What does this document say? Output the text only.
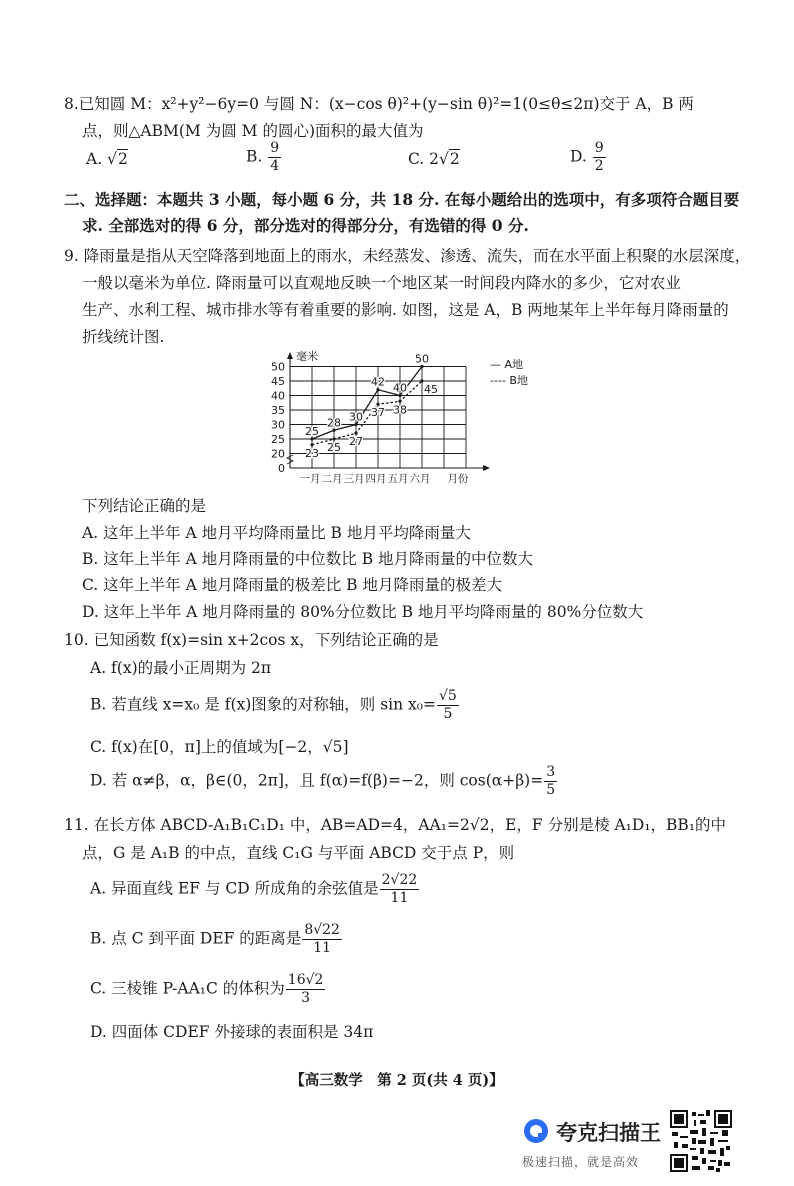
8.已知圆 M：x²+y²−6y=0 与圆 N：(x−cos θ)²+(y−sin θ)²=1(0≤θ≤2π)交于 A，B 两
点，则△ABM(M 为圆 M 的圆心)面积的最大值为
A. √2	B. $\frac{9}{4}$	C. 2√2	D. $\frac{9}{2}$
二、选择题：本题共 3 小题，每小题 6 分，共 18 分. 在每小题给出的选项中，有多项符合题目要
求. 全部选对的得 6 分，部分选对的得部分分，有选错的得 0 分.
9. 降雨量是指从天空降落到地面上的雨水，未经蒸发、渗透、流失，而在水平面上积聚的水层深度，
一般以毫米为单位. 降雨量可以直观地反映一个地区某一时间段内降水的多少，它对农业
生产、水利工程、城市排水等有着重要的影响. 如图，这是 A，B 两地某年上半年每月降雨量的
折线统计图.
0
20
25
30
35
40
45
50
毫米
一月 二月 三月 四月 五月 六月 月份
25
28 30
42 40
50
23 25 27
37 38
45
— A地
---- B地
下列结论正确的是
A. 这年上半年 A 地月平均降雨量比 B 地月平均降雨量大
B. 这年上半年 A 地月降雨量的中位数比 B 地月降雨量的中位数大
C. 这年上半年 A 地月降雨量的极差比 B 地月降雨量的极差大
D. 这年上半年 A 地月降雨量的 80%分位数比 B 地月平均降雨量的 80%分位数大
10. 已知函数 f(x)=sin x+2cos x，下列结论正确的是
A. f(x)的最小正周期为 2π
B. 若直线 x=x₀ 是 f(x)图象的对称轴，则 $\sin x_0= \frac{√5}{5}$
C. f(x)在[0，π]上的值域为[−2，√5]
D. 若 α≠β，α，β∈(0，2π]，且 f(α)=f(β)=−2，则 $\cos(\alpha+\beta)= \frac{3}{5}$
11. 在长方体 ABCD-A₁B₁C₁D₁ 中，AB=AD=4，AA₁=2√2，E，F 分别是棱 A₁D₁，BB₁的中
点，G 是 A₁B 的中点，直线 C₁G 与平面 ABCD 交于点 P，则
A. 异面直线 EF 与 CD 所成角的余弦值是 $\frac{2√22}{11}$
B. 点 C 到平面 DEF 的距离是 $\frac{8√22}{11}$
C. 三棱锥 P-AA₁C 的体积为 $\frac{16√2}{3}$
D. 四面体 CDEF 外接球的表面积是 34π
【高三数学　第 2 页(共 4 页)】
夸克扫描王
极速扫描，就是高效
